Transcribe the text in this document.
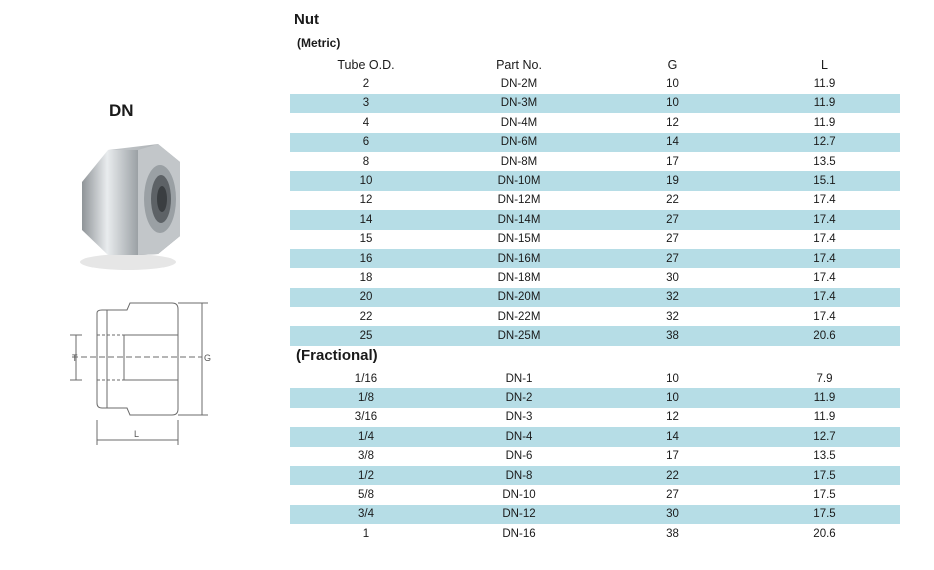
DN
T	G
L
Nut
(Metric)
Tube O.D.	Part No.	G	L
2	DN-2M	10	11.9
3	DN-3M	10	11.9
4	DN-4M	12	11.9
6	DN-6M	14	12.7
8	DN-8M	17	13.5
10	DN-10M	19	15.1
12	DN-12M	22	17.4
14	DN-14M	27	17.4
15	DN-15M	27	17.4
16	DN-16M	27	17.4
18	DN-18M	30	17.4
20	DN-20M	32	17.4
22	DN-22M	32	17.4
25	DN-25M	38	20.6
(Fractional)
1/16	DN-1	10	7.9
1/8	DN-2	10	11.9
3/16	DN-3	12	11.9
1/4	DN-4	14	12.7
3/8	DN-6	17	13.5
1/2	DN-8	22	17.5
5/8	DN-10	27	17.5
3/4	DN-12	30	17.5
1	DN-16	38	20.6
